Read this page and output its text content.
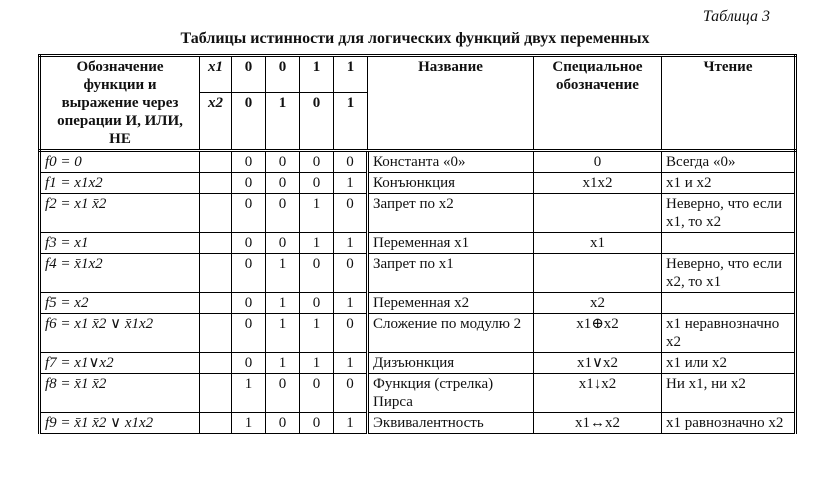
Таблица 3
Таблицы истинности для логических функций двух переменных
Обозначение функции и выражение через операции И, ИЛИ, НЕ	x1	0	0	1	1	Название	Специальное обозначение	Чтение
	x2	0	1	0	1			
f0 = 0		0	0	0	0	Константа «0»	0	Всегда «0»
f1 = x1x2		0	0	0	1	Конъюнкция	x1x2	x1 и x2
f2 = x1 x̄2		0	0	1	0	Запрет по x2		Неверно, что если x1, то x2
f3 = x1		0	0	1	1	Переменная x1	x1	
f4 = x̄1x2		0	1	0	0	Запрет по x1		Неверно, что если x2, то x1
f5 = x2		0	1	0	1	Переменная x2	x2	
f6 = x1 x̄2 ∨ x̄1x2		0	1	1	0	Сложение по модулю 2	x1⊕x2	x1 неравнозначно x2
f7 = x1∨x2		0	1	1	1	Дизъюнкция	x1∨x2	x1 или x2
f8 = x̄1 x̄2		1	0	0	0	Функция (стрелка) Пирса	x1↓x2	Ни x1, ни x2
f9 = x̄1 x̄2 ∨ x1x2		1	0	0	1	Эквивалентность	x1↔x2	x1 равнозначно x2
